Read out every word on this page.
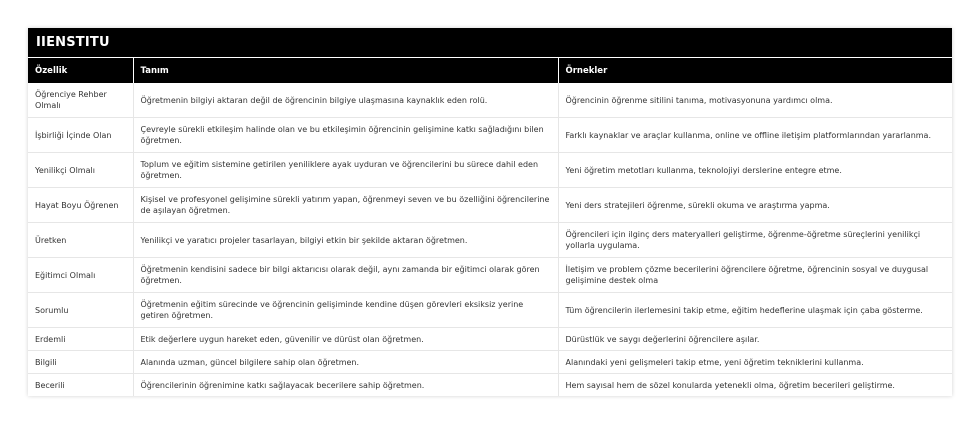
IIENSTITU
Özellik	Tanım	Örnekler
Öğrenciye Rehber Olmalı	Öğretmenin bilgiyi aktaran değil de öğrencinin bilgiye ulaşmasına kaynaklık eden rolü.	Öğrencinin öğrenme sitilini tanıma, motivasyonuna yardımcı olma.
İşbirliği İçinde Olan	Çevreyle sürekli etkileşim halinde olan ve bu etkileşimin öğrencinin gelişimine katkı sağladığını bilen öğretmen.	Farklı kaynaklar ve araçlar kullanma, online ve offline iletişim platformlarından yararlanma.
Yenilikçi Olmalı	Toplum ve eğitim sistemine getirilen yeniliklere ayak uyduran ve öğrencilerini bu sürece dahil eden öğretmen.	Yeni öğretim metotları kullanma, teknolojiyi derslerine entegre etme.
Hayat Boyu Öğrenen	Kişisel ve profesyonel gelişimine sürekli yatırım yapan, öğrenmeyi seven ve bu özelliğini öğrencilerine de aşılayan öğretmen.	Yeni ders stratejileri öğrenme, sürekli okuma ve araştırma yapma.
Üretken	Yenilikçi ve yaratıcı projeler tasarlayan, bilgiyi etkin bir şekilde aktaran öğretmen.	Öğrencileri için ilginç ders materyalleri geliştirme, öğrenme-öğretme süreçlerini yenilikçi yollarla uygulama.
Eğitimci Olmalı	Öğretmenin kendisini sadece bir bilgi aktarıcısı olarak değil, aynı zamanda bir eğitimci olarak gören öğretmen.	İletişim ve problem çözme becerilerini öğrencilere öğretme, öğrencinin sosyal ve duygusal gelişimine destek olma
Sorumlu	Öğretmenin eğitim sürecinde ve öğrencinin gelişiminde kendine düşen görevleri eksiksiz yerine getiren öğretmen.	Tüm öğrencilerin ilerlemesini takip etme, eğitim hedeflerine ulaşmak için çaba gösterme.
Erdemli	Etik değerlere uygun hareket eden, güvenilir ve dürüst olan öğretmen.	Dürüstlük ve saygı değerlerini öğrencilere aşılar.
Bilgili	Alanında uzman, güncel bilgilere sahip olan öğretmen.	Alanındaki yeni gelişmeleri takip etme, yeni öğretim tekniklerini kullanma.
Becerili	Öğrencilerinin öğrenimine katkı sağlayacak becerilere sahip öğretmen.	Hem sayısal hem de sözel konularda yetenekli olma, öğretim becerileri geliştirme.
